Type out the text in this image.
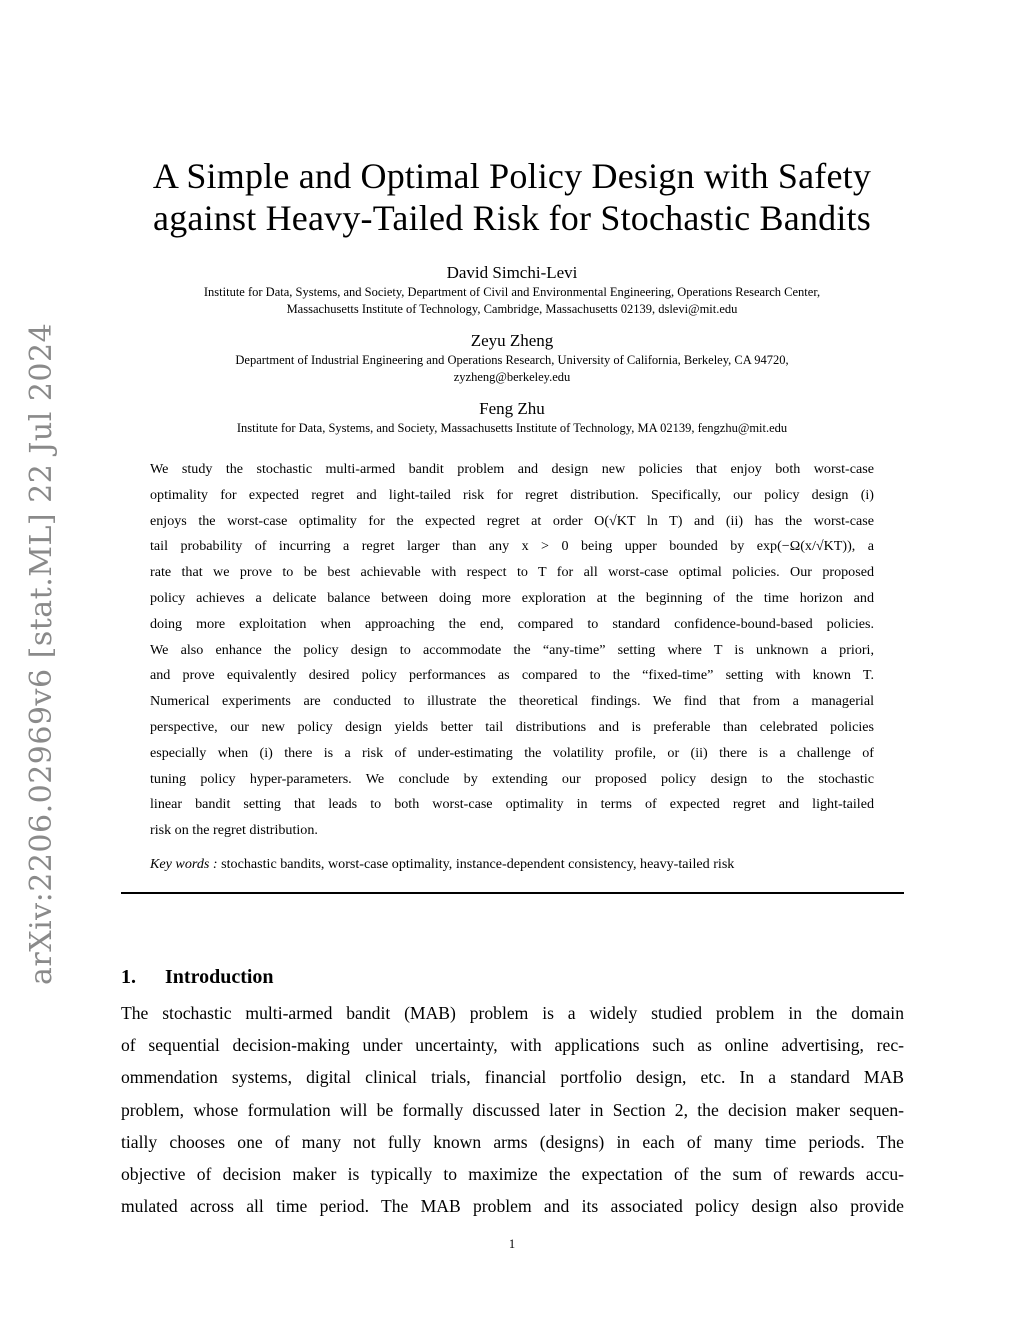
arXiv:2206.02969v6 [stat.ML] 22 Jul 2024
A Simple and Optimal Policy Design with Safety
against Heavy-Tailed Risk for Stochastic Bandits
David Simchi-Levi
Institute for Data, Systems, and Society, Department of Civil and Environmental Engineering, Operations Research Center,
Massachusetts Institute of Technology, Cambridge, Massachusetts 02139, dslevi@mit.edu
Zeyu Zheng
Department of Industrial Engineering and Operations Research, University of California, Berkeley, CA 94720,
zyzheng@berkeley.edu
Feng Zhu
Institute for Data, Systems, and Society, Massachusetts Institute of Technology, MA 02139, fengzhu@mit.edu
We study the stochastic multi-armed bandit problem and design new policies that enjoy both worst-case
optimality for expected regret and light-tailed risk for regret distribution. Specifically, our policy design (i)
enjoys the worst-case optimality for the expected regret at order O(√KT ln T) and (ii) has the worst-case
tail probability of incurring a regret larger than any x > 0 being upper bounded by exp(−Ω(x/√KT)), a
rate that we prove to be best achievable with respect to T for all worst-case optimal policies. Our proposed
policy achieves a delicate balance between doing more exploration at the beginning of the time horizon and
doing more exploitation when approaching the end, compared to standard confidence-bound-based policies.
We also enhance the policy design to accommodate the “any-time” setting where T is unknown a priori,
and prove equivalently desired policy performances as compared to the “fixed-time” setting with known T.
Numerical experiments are conducted to illustrate the theoretical findings. We find that from a managerial
perspective, our new policy design yields better tail distributions and is preferable than celebrated policies
especially when (i) there is a risk of under-estimating the volatility profile, or (ii) there is a challenge of
tuning policy hyper-parameters. We conclude by extending our proposed policy design to the stochastic
linear bandit setting that leads to both worst-case optimality in terms of expected regret and light-tailed
risk on the regret distribution.
Key words : stochastic bandits, worst-case optimality, instance-dependent consistency, heavy-tailed risk
1. Introduction
The stochastic multi-armed bandit (MAB) problem is a widely studied problem in the domain
of sequential decision-making under uncertainty, with applications such as online advertising, rec-
ommendation systems, digital clinical trials, financial portfolio design, etc. In a standard MAB
problem, whose formulation will be formally discussed later in Section 2, the decision maker sequen-
tially chooses one of many not fully known arms (designs) in each of many time periods. The
objective of decision maker is typically to maximize the expectation of the sum of rewards accu-
mulated across all time period. The MAB problem and its associated policy design also provide
1
